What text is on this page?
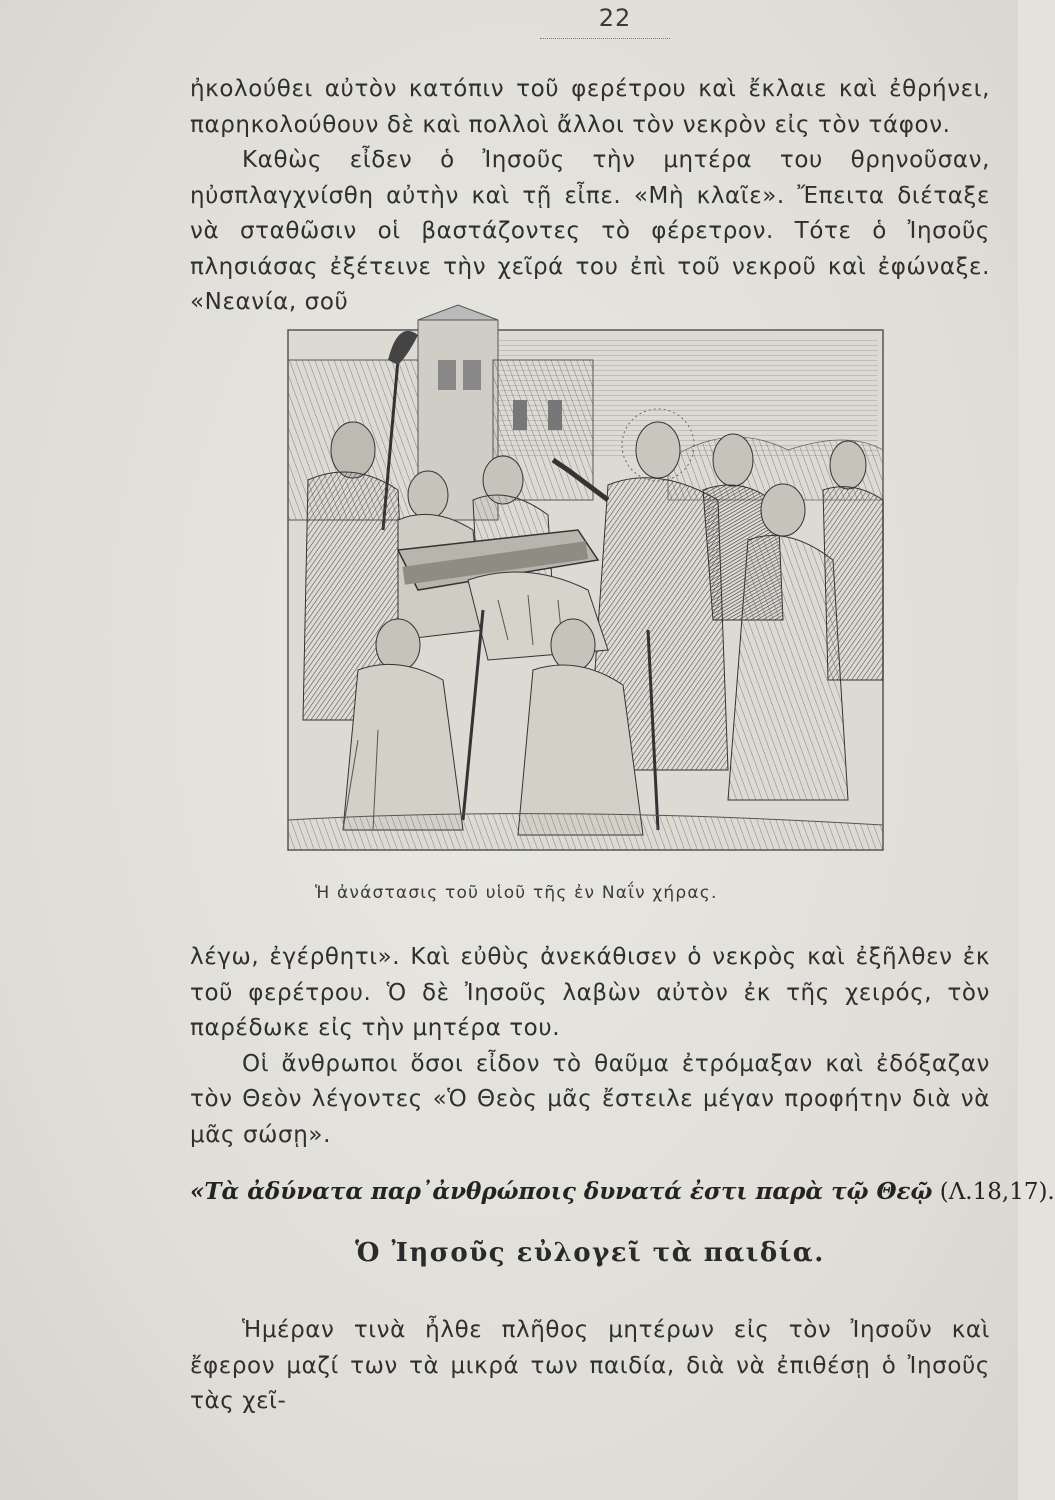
22

ἠκολούθει αὐτὸν κατόπιν τοῦ φερέτρου καὶ ἔκλαιε καὶ ἐθρήνει, παρηκολούθουν δὲ καὶ πολλοὶ ἄλλοι τὸν νεκρὸν εἰς τὸν τάφον.

Καθὼς εἶδεν ὁ Ἰησοῦς τὴν μητέρα του θρηνοῦσαν, ηὐσπλαγχνίσθη αὐτὴν καὶ τῇ εἶπε. «Μὴ κλαῖε». Ἔπειτα διέταξε νὰ σταθῶσιν οἱ βαστάζοντες τὸ φέρετρον. Τότε ὁ Ἰησοῦς πλησιάσας ἐξέτεινε τὴν χεῖρά του ἐπὶ τοῦ νεκροῦ καὶ ἐφώναξε. «Νεανία, σοῦ

Ἡ ἀνάστασις τοῦ υἱοῦ τῆς ἐν Ναΐν χήρας.

λέγω, ἐγέρθητι». Καὶ εὐθὺς ἀνεκάθισεν ὁ νεκρὸς καὶ ἐξῆλθεν ἐκ τοῦ φερέτρου. Ὁ δὲ Ἰησοῦς λαβὼν αὐτὸν ἐκ τῆς χειρός, τὸν παρέδωκε εἰς τὴν μητέρα του.

Οἱ ἄνθρωποι ὅσοι εἶδον τὸ θαῦμα ἐτρόμαξαν καὶ ἐδόξαζαν τὸν Θεὸν λέγοντες «Ὁ Θεὸς μᾶς ἔστειλε μέγαν προφήτην διὰ νὰ μᾶς σώσῃ».

«Τὰ ἀδύνατα παρ᾽ἀνθρώποις δυνατά ἐστι παρὰ τῷ Θεῷ (Λ.18,17).
Ὁ Ἰησοῦς εὐλογεῖ τὰ παιδία.

Ἡμέραν τινὰ ἦλθε πλῆθος μητέρων εἰς τὸν Ἰησοῦν καὶ ἔφερον μαζί των τὰ μικρά των παιδία, διὰ νὰ ἐπιθέσῃ ὁ Ἰησοῦς τὰς χεῖ-
